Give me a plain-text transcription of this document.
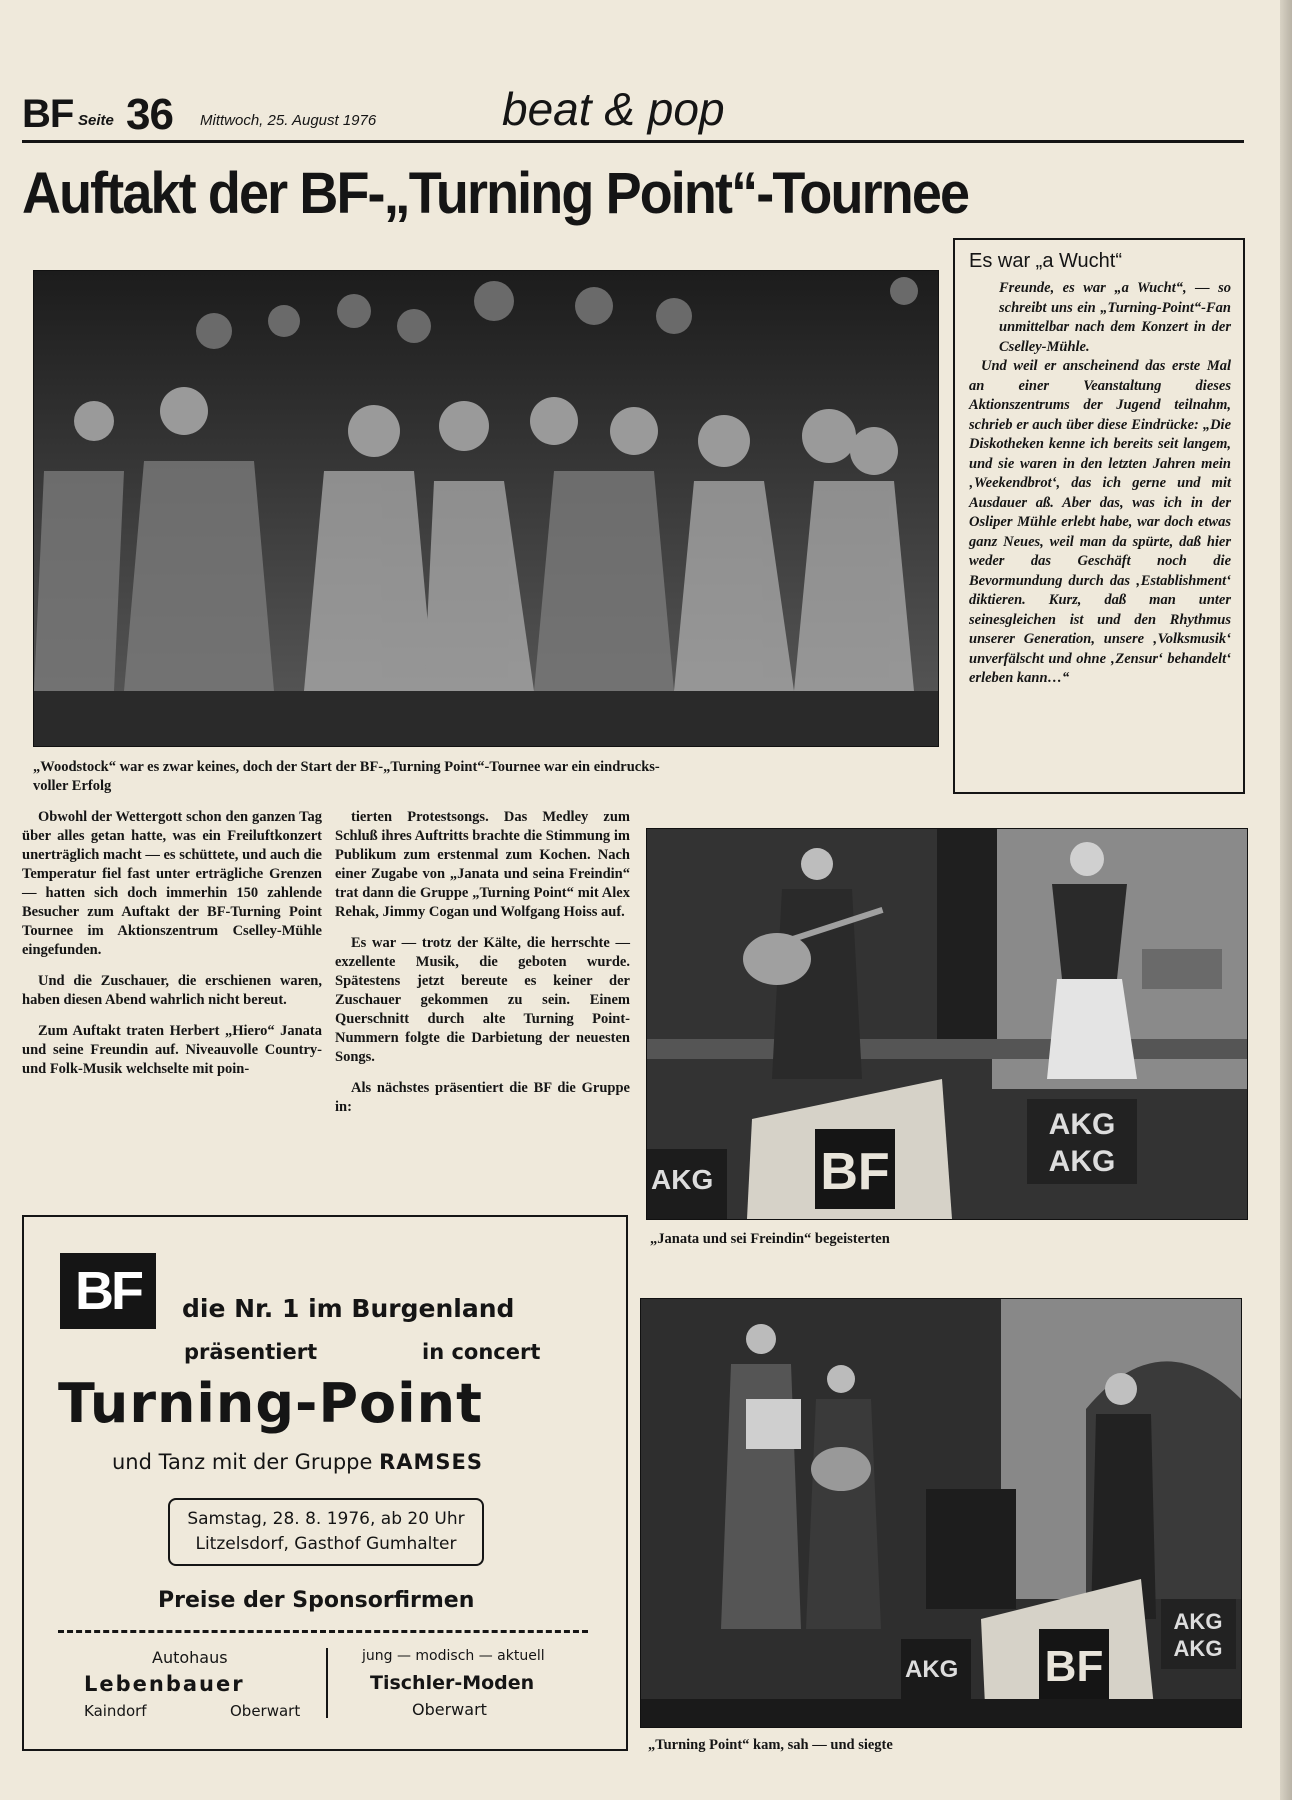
BF Seite 36 Mittwoch, 25. August 1976	beat & pop
Auftakt der BF-„Turning Point“-Tournee
„Woodstock“ war es zwar keines, doch der Start der BF-„Turning Point“-Tournee war ein eindrucks-
voller Erfolg
Es war „a Wucht“

Freunde, es war „a Wucht“, — so schreibt uns ein „Turning-Point“-Fan unmittelbar nach dem Konzert in der Cselley-Mühle.

Und weil er anscheinend das erste Mal an einer Veanstaltung dieses Aktionszentrums der Jugend teilnahm, schrieb er auch über diese Eindrücke: „Die Diskotheken kenne ich bereits seit langem, und sie waren in den letzten Jahren mein ‚Weekendbrot‘, das ich gerne und mit Ausdauer aß. Aber das, was ich in der Osliper Mühle erlebt habe, war doch etwas ganz Neues, weil man da spürte, daß hier weder das Geschäft noch die Bevormundung durch das ‚Establishment‘ diktieren. Kurz, daß man unter seinesgleichen ist und den Rhythmus unserer Generation, unsere ‚Volksmusik‘ unverfälscht und ohne ‚Zensur‘ behandelt‘ erleben kann…“

Obwohl der Wettergott schon den ganzen Tag über alles getan hatte, was ein Freiluftkonzert unerträglich macht — es schüttete, und auch die Temperatur fiel fast unter erträgliche Grenzen — hatten sich doch immerhin 150 zahlende Besucher zum Auftakt der BF-Turning Point Tournee im Aktionszentrum Cselley-Mühle eingefunden.

Und die Zuschauer, die erschienen waren, haben diesen Abend wahrlich nicht bereut.

Zum Auftakt traten Herbert „Hiero“ Janata und seine Freundin auf. Niveauvolle Country- und Folk-Musik welchselte mit poin-

tierten Protestsongs. Das Medley zum Schluß ihres Auftritts brachte die Stimmung im Publikum zum erstenmal zum Kochen. Nach einer Zugabe von „Janata und seina Freindin“ trat dann die Gruppe „Turning Point“ mit Alex Rehak, Jimmy Cogan und Wolfgang Hoiss auf.

Es war — trotz der Kälte, die herrschte — exzellente Musik, die geboten wurde. Spätestens jetzt bereute es keiner der Zuschauer gekommen zu sein. Einem Querschnitt durch alte Turning Point-Nummern folgte die Darbietung der neuesten Songs.

Als nächstes präsentiert die BF die Gruppe in:

BF
AKG
AKG
AKG
„Janata und sei Freindin“ begeisterten
BF
AKG
AKG
AKG
„Turning Point“ kam, sah — und siegte
BF	die Nr. 1 im Burgenland
präsentiert	in concert
Turning-Point
und Tanz mit der Gruppe RAMSES
Samstag, 28. 8. 1976, ab 20 Uhr
Litzelsdorf, Gasthof Gumhalter
Preise der Sponsorfirmen
Autohaus
Lebenbauer
Kaindorf	Oberwart
jung — modisch — aktuell
Tischler-Moden
Oberwart
